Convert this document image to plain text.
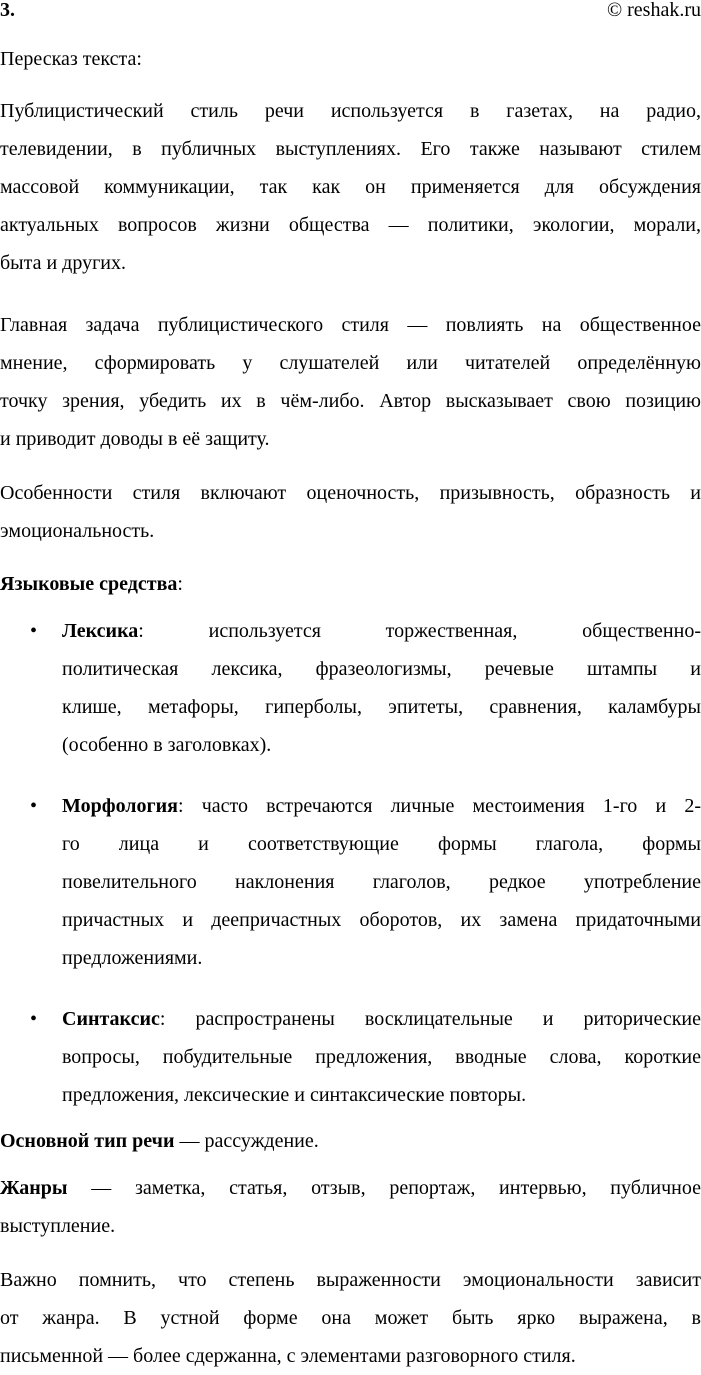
3.	© reshak.ru
Пересказ текста:
Публицистический стиль речи используется в газетах, на радио,
телевидении, в публичных выступлениях. Его также называют стилем
массовой коммуникации, так как он применяется для обсуждения
актуальных вопросов жизни общества — политики, экологии, морали,
быта и других.
Главная задача публицистического стиля — повлиять на общественное
мнение, сформировать у слушателей или читателей определённую
точку зрения, убедить их в чём-либо. Автор высказывает свою позицию
и приводит доводы в её защиту.
Особенности стиля включают оценочность, призывность, образность и
эмоциональность.
Языковые средства:
• Лексика: используется торжественная, общественно-
политическая лексика, фразеологизмы, речевые штампы и
клише, метафоры, гиперболы, эпитеты, сравнения, каламбуры
(особенно в заголовках).
• Морфология: часто встречаются личные местоимения 1-го и 2-
го лица и соответствующие формы глагола, формы
повелительного наклонения глаголов, редкое употребление
причастных и деепричастных оборотов, их замена придаточными
предложениями.
• Синтаксис: распространены восклицательные и риторические
вопросы, побудительные предложения, вводные слова, короткие
предложения, лексические и синтаксические повторы.
Основной тип речи — рассуждение.
Жанры — заметка, статья, отзыв, репортаж, интервью, публичное
выступление.
Важно помнить, что степень выраженности эмоциональности зависит
от жанра. В устной форме она может быть ярко выражена, в
письменной — более сдержанна, с элементами разговорного стиля.
